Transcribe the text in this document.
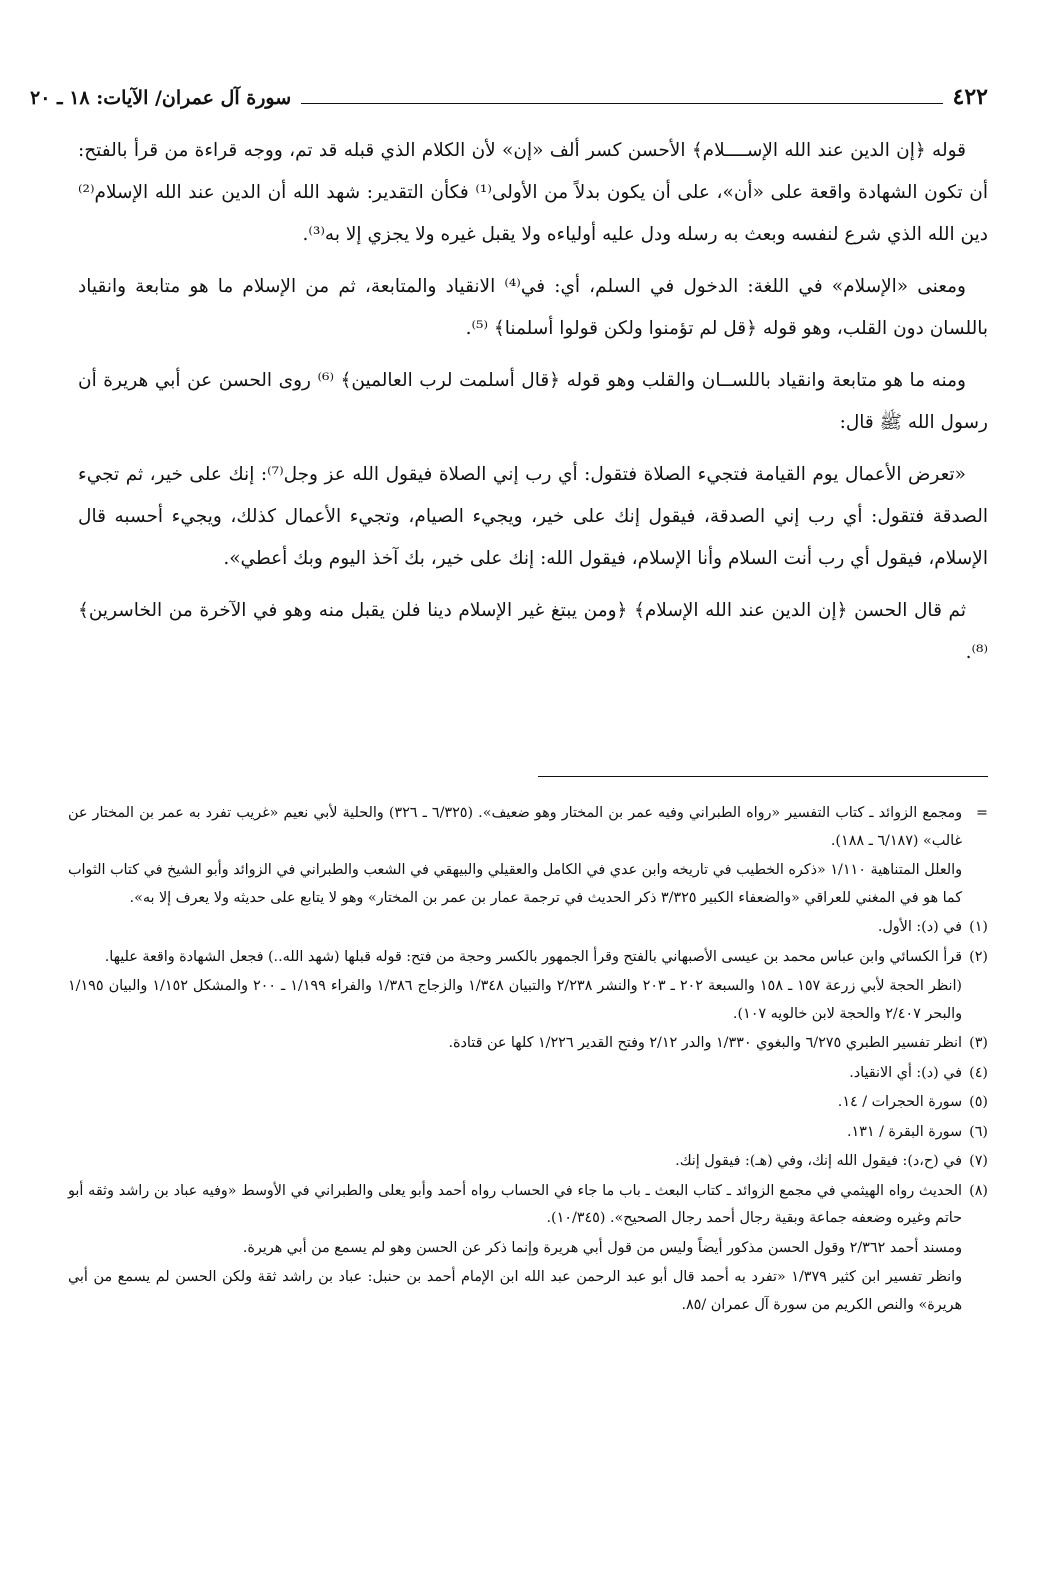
٤٢٢
سورة آل عمران/ الآيات: ١٨ ـ ٢٠

قوله ﴿إن الدين عند الله الإســــلام﴾ الأحسن كسر ألف «إن» لأن الكلام الذي قبله قد تم، ووجه قراءة من قرأ بالفتح: أن تكون الشهادة واقعة على «أن»، على أن يكون بدلاً من الأولى⁽¹⁾ فكأن التقدير: شهد الله أن الدين عند الله الإسلام⁽²⁾ دين الله الذي شرع لنفسه وبعث به رسله ودل عليه أولياءه ولا يقبل غيره ولا يجزي إلا به⁽³⁾.

ومعنى «الإسلام» في اللغة: الدخول في السلم، أي: في⁽⁴⁾ الانقياد والمتابعة، ثم من الإسلام ما هو متابعة وانقياد باللسان دون القلب، وهو قوله ﴿قل لم تؤمنوا ولكن قولوا أسلمنا﴾ ⁽⁵⁾.

ومنه ما هو متابعة وانقياد باللســان والقلب وهو قوله ﴿قال أسلمت لرب العالمين﴾ ⁽⁶⁾ روى الحسن عن أبي هريرة أن رسول الله ﷺ قال:

«تعرض الأعمال يوم القيامة فتجيء الصلاة فتقول: أي رب إني الصلاة فيقول الله عز وجل⁽⁷⁾: إنك على خير، ثم تجيء الصدقة فتقول: أي رب إني الصدقة، فيقول إنك على خير، ويجيء الصيام، وتجيء الأعمال كذلك، ويجيء أحسبه قال الإسلام، فيقول أي رب أنت السلام وأنا الإسلام، فيقول الله: إنك على خير، بك آخذ اليوم وبك أعطي».

ثم قال الحسن ﴿إن الدين عند الله الإسلام﴾ ﴿ومن يبتغ غير الإسلام دينا فلن يقبل منه وهو في الآخرة من الخاسرين﴾⁽⁸⁾.

=ومجمع الزوائد ـ كتاب التفسير «رواه الطبراني وفيه عمر بن المختار وهو ضعيف». (٦/٣٢٥ ـ ٣٢٦) والحلية لأبي نعيم «غريب تفرد به عمر بن المختار عن غالب» (٦/١٨٧ ـ ١٨٨).
والعلل المتناهية ١/١١٠ «ذكره الخطيب في تاريخه وابن عدي في الكامل والعقيلي والبيهقي في الشعب والطبراني في الزوائد وأبو الشيخ في كتاب الثواب كما هو في المغني للعراقي «والضعفاء الكبير ٣/٣٢٥ ذكر الحديث في ترجمة عمار بن عمر بن المختار» وهو لا يتابع على حديثه ولا يعرف إلا به».
(١)في (د): الأول.
(٢)قرأ الكسائي وابن عباس محمد بن عيسى الأصبهاني بالفتح وقرأ الجمهور بالكسر وحجة من فتح: قوله قبلها (شهد الله..) فجعل الشهادة واقعة عليها.
(انظر الحجة لأبي زرعة ١٥٧ ـ ١٥٨ والسبعة ٢٠٢ ـ ٢٠٣ والنشر ٢/٢٣٨ والتبيان ١/٣٤٨ والزجاج ١/٣٨٦ والفراء ١/١٩٩ ـ ٢٠٠ والمشكل ١/١٥٢ والبيان ١/١٩٥ والبحر ٢/٤٠٧ والحجة لابن خالويه ١٠٧).
(٣)انظر تفسير الطبري ٦/٢٧٥ والبغوي ١/٣٣٠ والدر ٢/١٢ وفتح القدير ١/٢٢٦ كلها عن قتادة.
(٤)في (د): أي الانقياد.
(٥)سورة الحجرات / ١٤.
(٦)سورة البقرة / ١٣١.
(٧)في (ح،د): فيقول الله إنك، وفي (هـ): فيقول إنك.
(٨)الحديث رواه الهيثمي في مجمع الزوائد ـ كتاب البعث ـ باب ما جاء في الحساب رواه أحمد وأبو يعلى والطبراني في الأوسط «وفيه عباد بن راشد وثقه أبو حاتم وغيره وضعفه جماعة وبقية رجال أحمد رجال الصحيح». (١٠/٣٤٥).
ومسند أحمد ٢/٣٦٢ وقول الحسن مذكور أيضاً وليس من قول أبي هريرة وإنما ذكر عن الحسن وهو لم يسمع من أبي هريرة.
وانظر تفسير ابن كثير ١/٣٧٩ «تفرد به أحمد قال أبو عبد الرحمن عبد الله ابن الإمام أحمد بن حنبل: عباد بن راشد ثقة ولكن الحسن لم يسمع من أبي هريرة» والنص الكريم من سورة آل عمران /٨٥.
